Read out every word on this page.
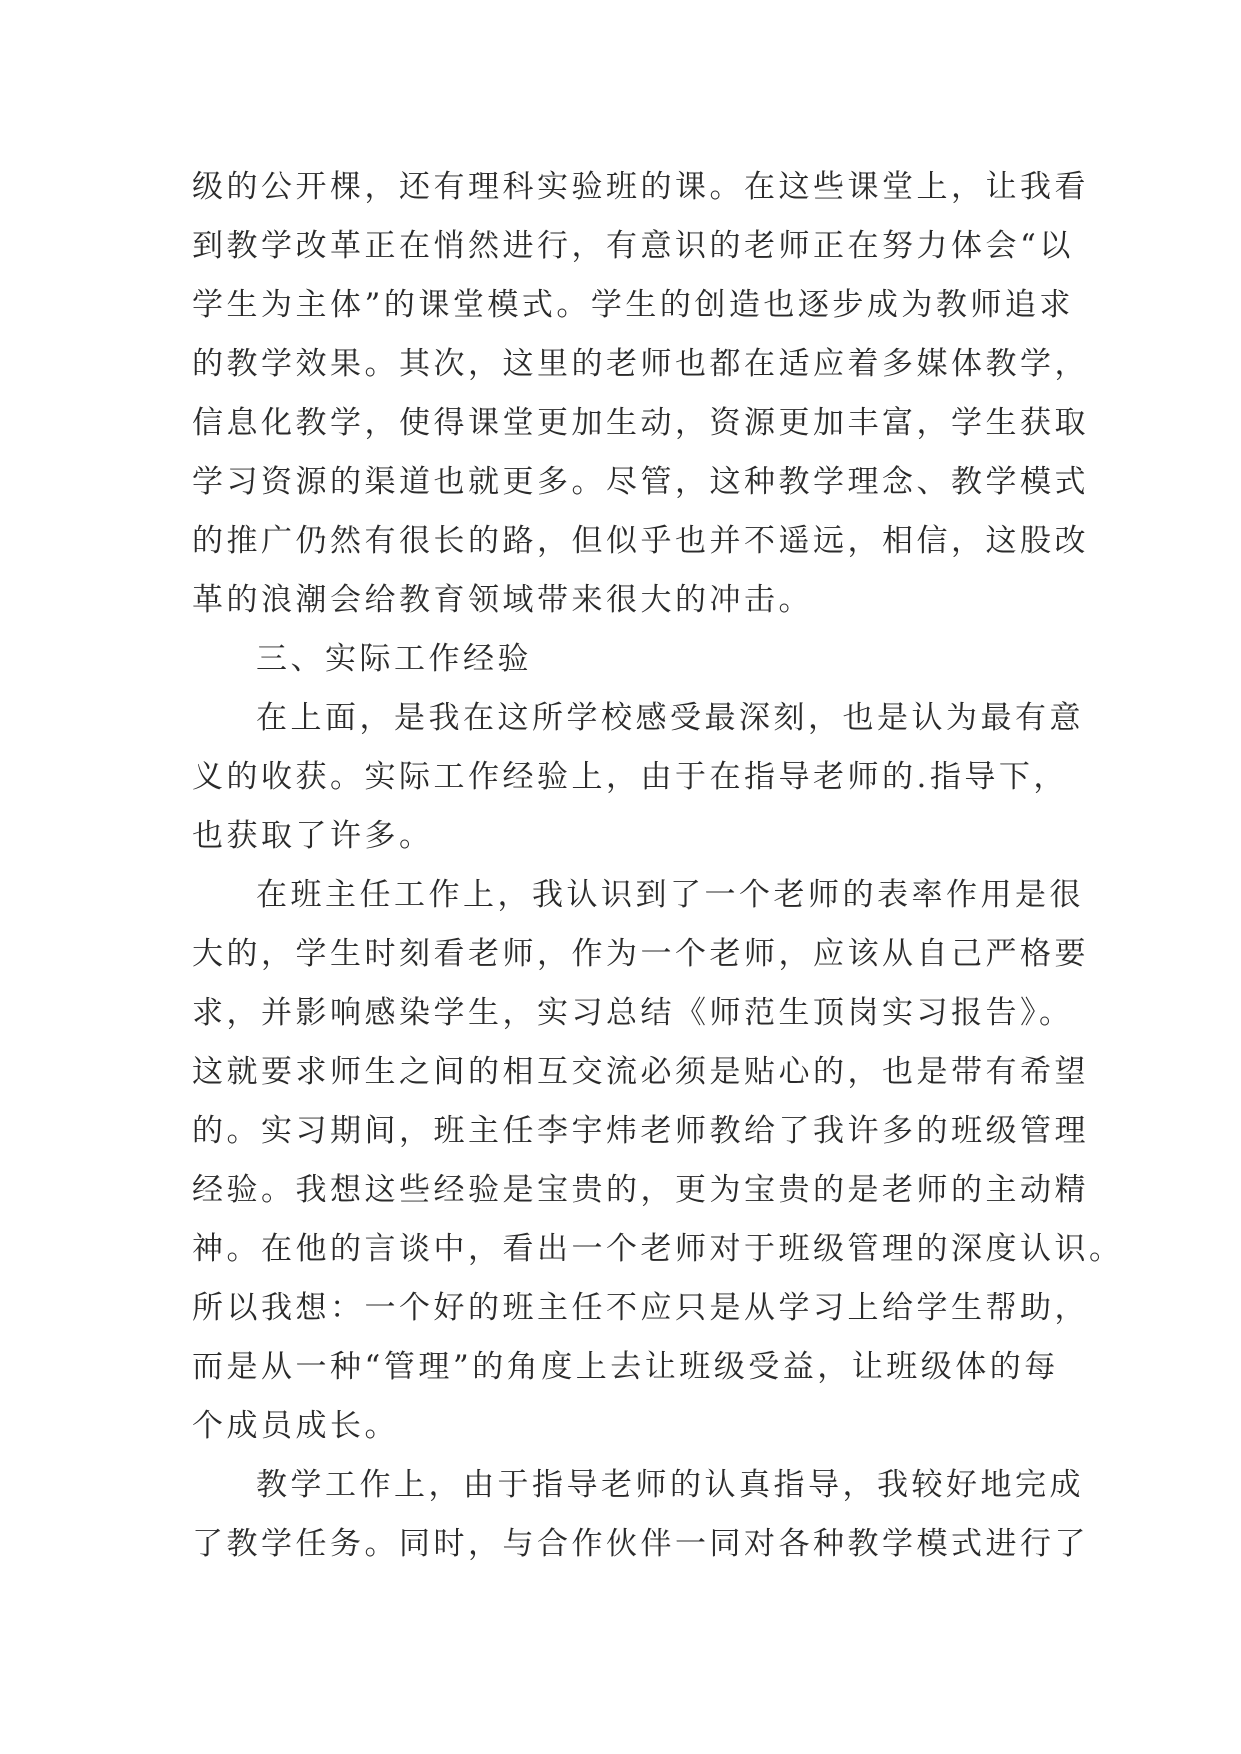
级的公开棵，还有理科实验班的课。在这些课堂上，让我看
到教学改革正在悄然进行，有意识的老师正在努力体会“以
学生为主体”的课堂模式。学生的创造也逐步成为教师追求
的教学效果。其次，这里的老师也都在适应着多媒体教学，
信息化教学，使得课堂更加生动，资源更加丰富，学生获取
学习资源的渠道也就更多。尽管，这种教学理念、教学模式
的推广仍然有很长的路，但似乎也并不遥远，相信，这股改
革的浪潮会给教育领域带来很大的冲击。
三、实际工作经验
在上面，是我在这所学校感受最深刻，也是认为最有意
义的收获。实际工作经验上，由于在指导老师的.指导下，
也获取了许多。
在班主任工作上，我认识到了一个老师的表率作用是很
大的，学生时刻看老师，作为一个老师，应该从自己严格要
求，并影响感染学生，实习总结《师范生顶岗实习报告》。
这就要求师生之间的相互交流必须是贴心的，也是带有希望
的。实习期间，班主任李宇炜老师教给了我许多的班级管理
经验。我想这些经验是宝贵的，更为宝贵的是老师的主动精
神。在他的言谈中，看出一个老师对于班级管理的深度认识。
所以我想：一个好的班主任不应只是从学习上给学生帮助，
而是从一种“管理”的角度上去让班级受益，让班级体的每
个成员成长。
教学工作上，由于指导老师的认真指导，我较好地完成
了教学任务。同时，与合作伙伴一同对各种教学模式进行了
